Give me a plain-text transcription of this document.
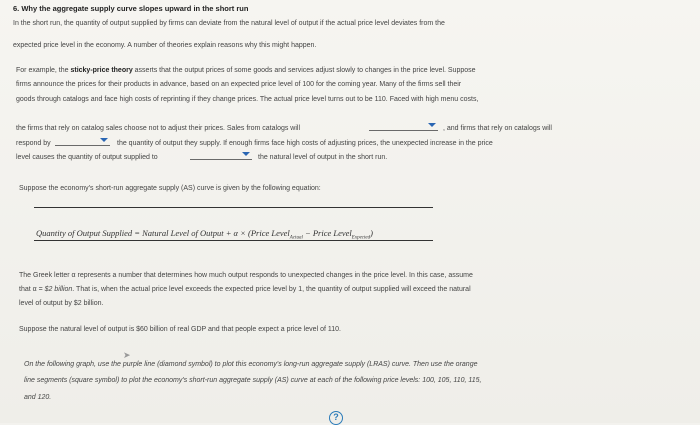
6. Why the aggregate supply curve slopes upward in the short run
In the short run, the quantity of output supplied by firms can deviate from the natural level of output if the actual price level deviates from the
expected price level in the economy. A number of theories explain reasons why this might happen.
For example, the sticky-price theory asserts that the output prices of some goods and services adjust slowly to changes in the price level. Suppose
firms announce the prices for their products in advance, based on an expected price level of 100 for the coming year. Many of the firms sell their
goods through catalogs and face high costs of reprinting if they change prices. The actual price level turns out to be 110. Faced with high menu costs,
the firms that rely on catalog sales choose not to adjust their prices. Sales from catalogs will	, and firms that rely on catalogs will
respond by	the quantity of output they supply. If enough firms face high costs of adjusting prices, the unexpected increase in the price
level causes the quantity of output supplied to	the natural level of output in the short run.
Suppose the economy's short-run aggregate supply (AS) curve is given by the following equation:
Quantity of Output Supplied = Natural Level of Output + α × (Price Level$_{Actual}$ − Price Level$_{Expected}$)
The Greek letter α represents a number that determines how much output responds to unexpected changes in the price level. In this case, assume
that α = $2 billion. That is, when the actual price level exceeds the expected price level by 1, the quantity of output supplied will exceed the natural
level of output by $2 billion.
Suppose the natural level of output is $60 billion of real GDP and that people expect a price level of 110.
➤
On the following graph, use the purple line (diamond symbol) to plot this economy's long-run aggregate supply (LRAS) curve. Then use the orange
line segments (square symbol) to plot the economy's short-run aggregate supply (AS) curve at each of the following price levels: 100, 105, 110, 115,
and 120.
?
